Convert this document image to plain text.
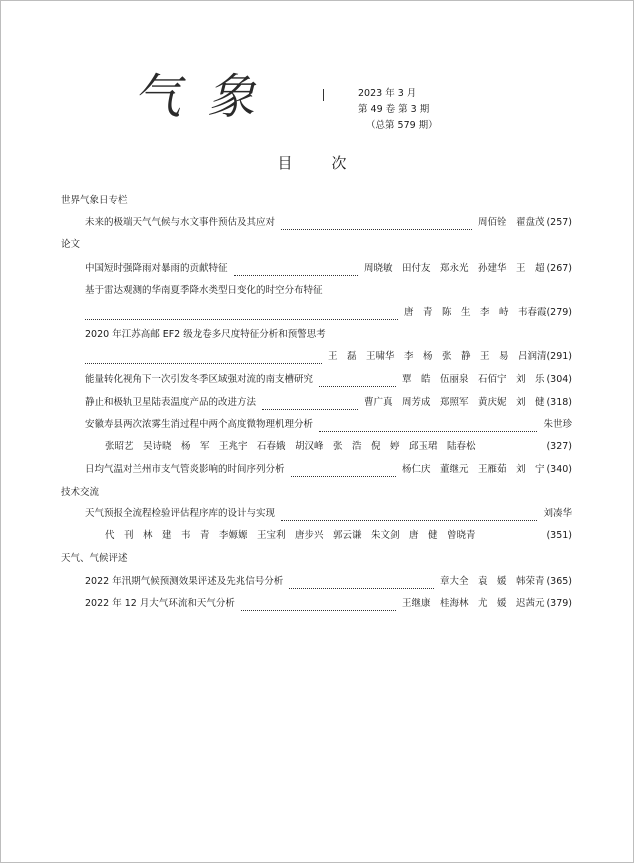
气象	2023 年 3 月
第 49 卷 第 3 期
（总第 579 期）
目　次
世界气象日专栏
未来的极端天气气候与水文事件预估及其应对	周佰铨　翟盘茂 (257)
论文
中国短时强降雨对暴雨的贡献特征	周晓敏　田付友　郑永光　孙建华　王　超 (267)
基于雷达观测的华南夏季降水类型日变化的时空分布特征
唐　青　陈　生　李　峙　韦春霞 (279)
2020 年江苏高邮 EF2 级龙卷多尺度特征分析和预警思考
王　磊　王啸华　李　杨　张　静　王　易　吕润清 (291)
能量转化视角下一次引发冬季区域强对流的南支槽研究	覃　皓　伍丽泉　石佰宁　刘　乐 (304)
静止和极轨卫星陆表温度产品的改进方法	曹广真　周芳成　郑照军　黄庆妮　刘　健 (318)
安徽寿县两次浓雾生消过程中两个高度微物理机理分析	朱世珍
张昭艺　吴诗晓　杨　军　王兆宇　石春娥　胡汉峰　张　浩　倪　婷　邱玉珺　陆春松	(327)
日均气温对兰州市支气管炎影响的时间序列分析	杨仁庆　董继元　王雁茹　刘　宁 (340)
技术交流
天气预报全流程检验评估程序库的设计与实现	刘凑华
代　刊　林　建　韦　青　李嫄嫄　王宝利　唐步兴　郭云谦　朱文剑　唐　健　曾晓青	(351)
天气、气候评述
2022 年汛期气候预测效果评述及先兆信号分析	章大全　袁　媛　韩荣青 (365)
2022 年 12 月大气环流和天气分析	王继康　桂海林　尤　媛　迟茜元 (379)
